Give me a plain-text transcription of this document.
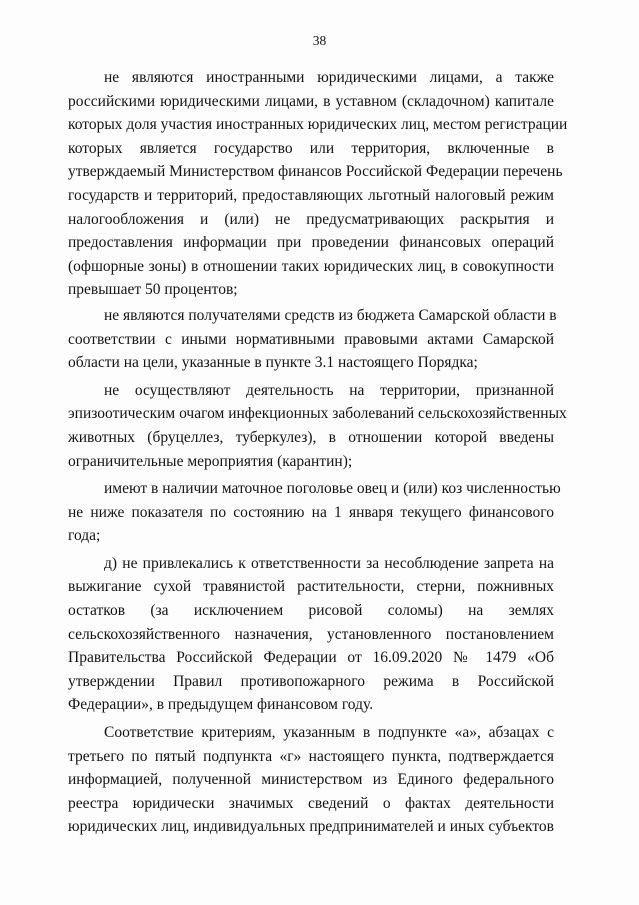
38

не являются иностранными юридическими лицами, а также
российскими юридическими лицами, в уставном (складочном) капитале
которых доля участия иностранных юридических лиц, местом регистрации
которых является государство или территория, включенные в
утверждаемый Министерством финансов Российской Федерации перечень
государств и территорий, предоставляющих льготный налоговый режим
налогообложения и (или) не предусматривающих раскрытия и
предоставления информации при проведении финансовых операций
(офшорные зоны) в отношении таких юридических лиц, в совокупности
превышает 50 процентов;

не являются получателями средств из бюджета Самарской области в
соответствии с иными нормативными правовыми актами Самарской
области на цели, указанные в пункте 3.1 настоящего Порядка;

не осуществляют деятельность на территории, признанной
эпизоотическим очагом инфекционных заболеваний сельскохозяйственных
животных (бруцеллез, туберкулез), в отношении которой введены
ограничительные мероприятия (карантин);

имеют в наличии маточное поголовье овец и (или) коз численностью
не ниже показателя по состоянию на 1 января текущего финансового
года;

д) не привлекались к ответственности за несоблюдение запрета на
выжигание сухой травянистой растительности, стерни, пожнивных
остатков (за исключением рисовой соломы) на землях
сельскохозяйственного назначения, установленного постановлением
Правительства Российской Федерации от 16.09.2020 № 1479 «Об
утверждении Правил противопожарного режима в Российской
Федерации», в предыдущем финансовом году.

Соответствие критериям, указанным в подпункте «а», абзацах с
третьего по пятый подпункта «г» настоящего пункта, подтверждается
информацией, полученной министерством из Единого федерального
реестра юридически значимых сведений о фактах деятельности
юридических лиц, индивидуальных предпринимателей и иных субъектов
